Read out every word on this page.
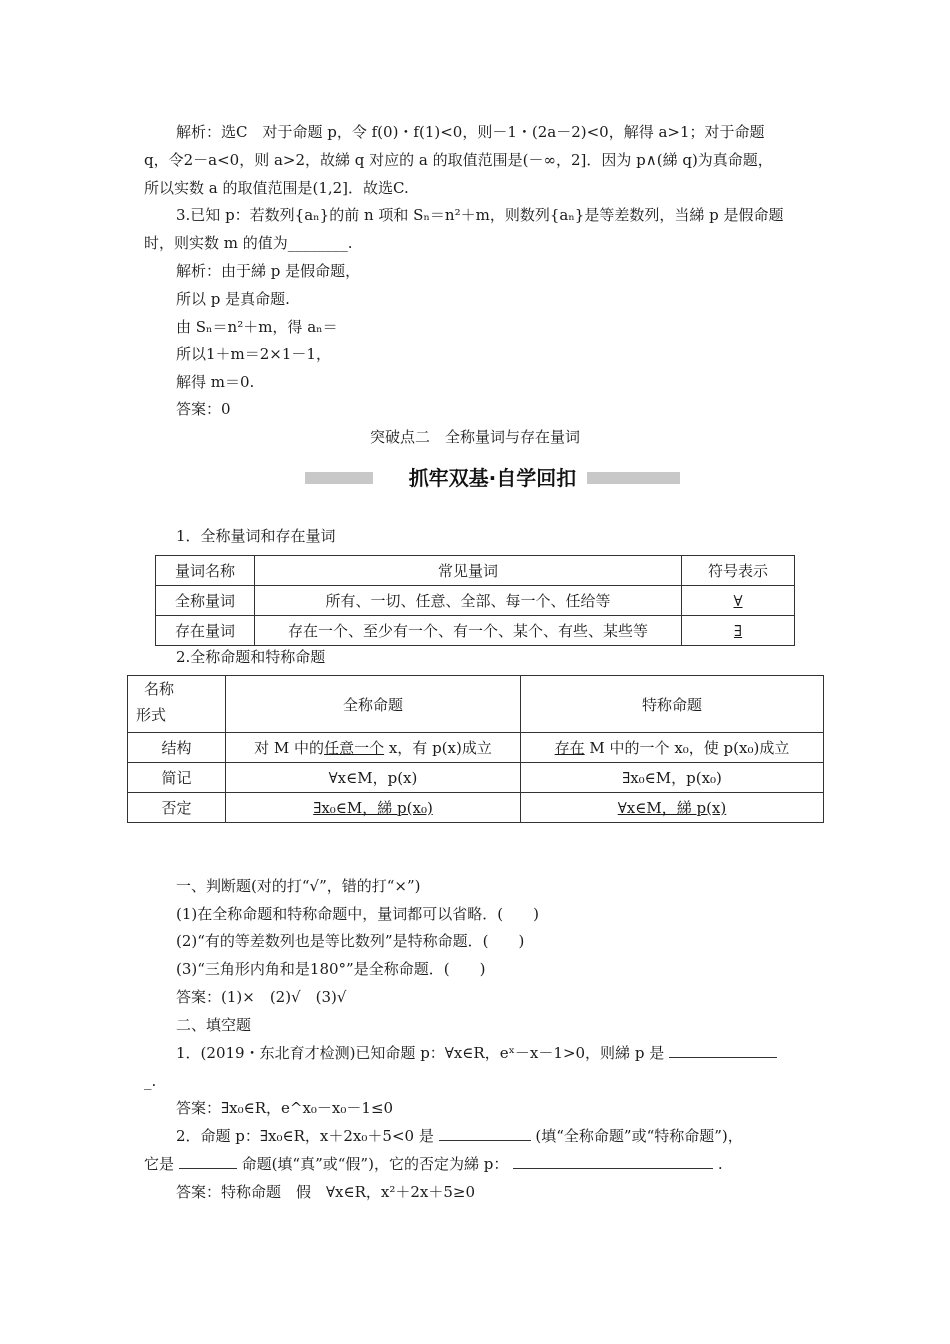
解析：选C　对于命题 p，令 f(0)・f(1)<0，则－1・(2a－2)<0，解得 a>1；对于命题
q，令2－a<0，则 a>2，故綈 q 对应的 a 的取值范围是(－∞，2]．因为 p∧(綈 q)为真命题，
所以实数 a 的取值范围是(1,2]．故选C.
3.已知 p：若数列{aₙ}的前 n 项和 Sₙ＝n²＋m，则数列{aₙ}是等差数列，当綈 p 是假命题
时，则实数 m 的值为________.
解析：由于綈 p 是假命题，
所以 p 是真命题.
由 Sₙ＝n²＋m，得 aₙ＝
所以1＋m＝2×1－1，
解得 m＝0.
答案：0
突破点二　全称量词与存在量词
抓牢双基·自学回扣
1．全称量词和存在量词
量词名称	常见量词	符号表示
全称量词	所有、一切、任意、全部、每一个、任给等	∀
存在量词	存在一个、至少有一个、有一个、某个、有些、某些等	∃
2.全称命题和特称命题
名称
形式	全称命题	特称命题
结构	对 M 中的任意一个 x，有 p(x)成立	存在 M 中的一个 x₀，使 p(x₀)成立
简记	∀x∈M，p(x)	∃x₀∈M，p(x₀)
否定	∃x₀∈M，綈 p(x₀)	∀x∈M，綈 p(x)
一、判断题(对的打“√”，错的打“×”)
(1)在全称命题和特称命题中，量词都可以省略．(　　)
(2)“有的等差数列也是等比数列”是特称命题．(　　)
(3)“三角形内角和是180°”是全称命题．(　　)
答案：(1)×　(2)√　(3)√
二、填空题
1．(2019・东北育才检测)已知命题 p：∀x∈R，eˣ－x－1>0，则綈 p 是
_.
答案：∃x₀∈R，e^x₀－x₀－1≤0
2．命题 p：∃x₀∈R，x＋2x₀＋5<0 是	(填“全称命题”或“特称命题”)，
它是	命题(填“真”或“假”)，它的否定为綈 p：	.
答案：特称命题　假　∀x∈R，x²＋2x＋5≥0
